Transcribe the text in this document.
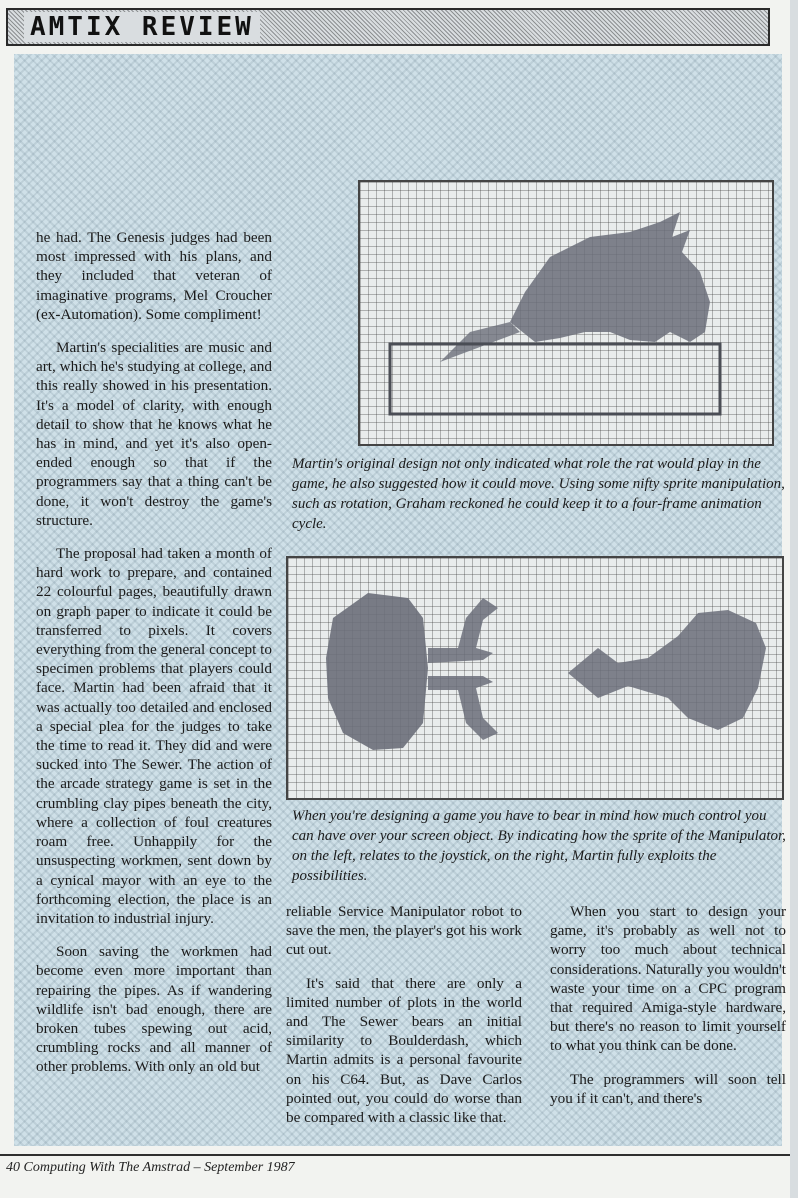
AMTIX REVIEW

he had. The Genesis judges had been most impressed with his plans, and they included that veteran of imaginative programs, Mel Croucher (ex-Automation). Some compliment!

Martin's specialities are music and art, which he's studying at college, and this really showed in his presentation. It's a model of clarity, with enough detail to show that he knows what he has in mind, and yet it's also open-ended enough so that if the programmers say that a thing can't be done, it won't destroy the game's structure.

The proposal had taken a month of hard work to prepare, and contained 22 colourful pages, beautifully drawn on graph paper to indicate it could be transferred to pixels. It covers everything from the general concept to specimen problems that players could face. Martin had been afraid that it was actually too detailed and enclosed a special plea for the judges to take the time to read it. They did and were sucked into The Sewer. The action of the arcade strategy game is set in the crumbling clay pipes beneath the city, where a collection of foul creatures roam free. Unhappily for the unsuspecting workmen, sent down by a cynical mayor with an eye to the forthcoming election, the place is an invitation to industrial injury.

Soon saving the workmen had become even more important than repairing the pipes. As if wandering wildlife isn't bad enough, there are broken tubes spewing out acid, crumbling rocks and all manner of other problems. With only an old but

Martin's original design not only indicated what role the rat would play in the game, he also suggested how it could move. Using some nifty sprite manipulation, such as rotation, Graham reckoned he could keep it to a four-frame animation cycle.
When you're designing a game you have to bear in mind how much control you can have over your screen object. By indicating how the sprite of the Manipulator, on the left, relates to the joystick, on the right, Martin fully exploits the possibilities.

reliable Service Manipulator robot to save the men, the player's got his work cut out.

It's said that there are only a limited number of plots in the world and The Sewer bears an initial similarity to Boulderdash, which Martin admits is a personal favourite on his C64. But, as Dave Carlos pointed out, you could do worse than be compared with a classic like that.

When you start to design your game, it's probably as well not to worry too much about technical considerations. Naturally you wouldn't waste your time on a CPC program that required Amiga-style hardware, but there's no reason to limit yourself to what you think can be done.

The programmers will soon tell you if it can't, and there's

40 Computing With The Amstrad – September 1987
